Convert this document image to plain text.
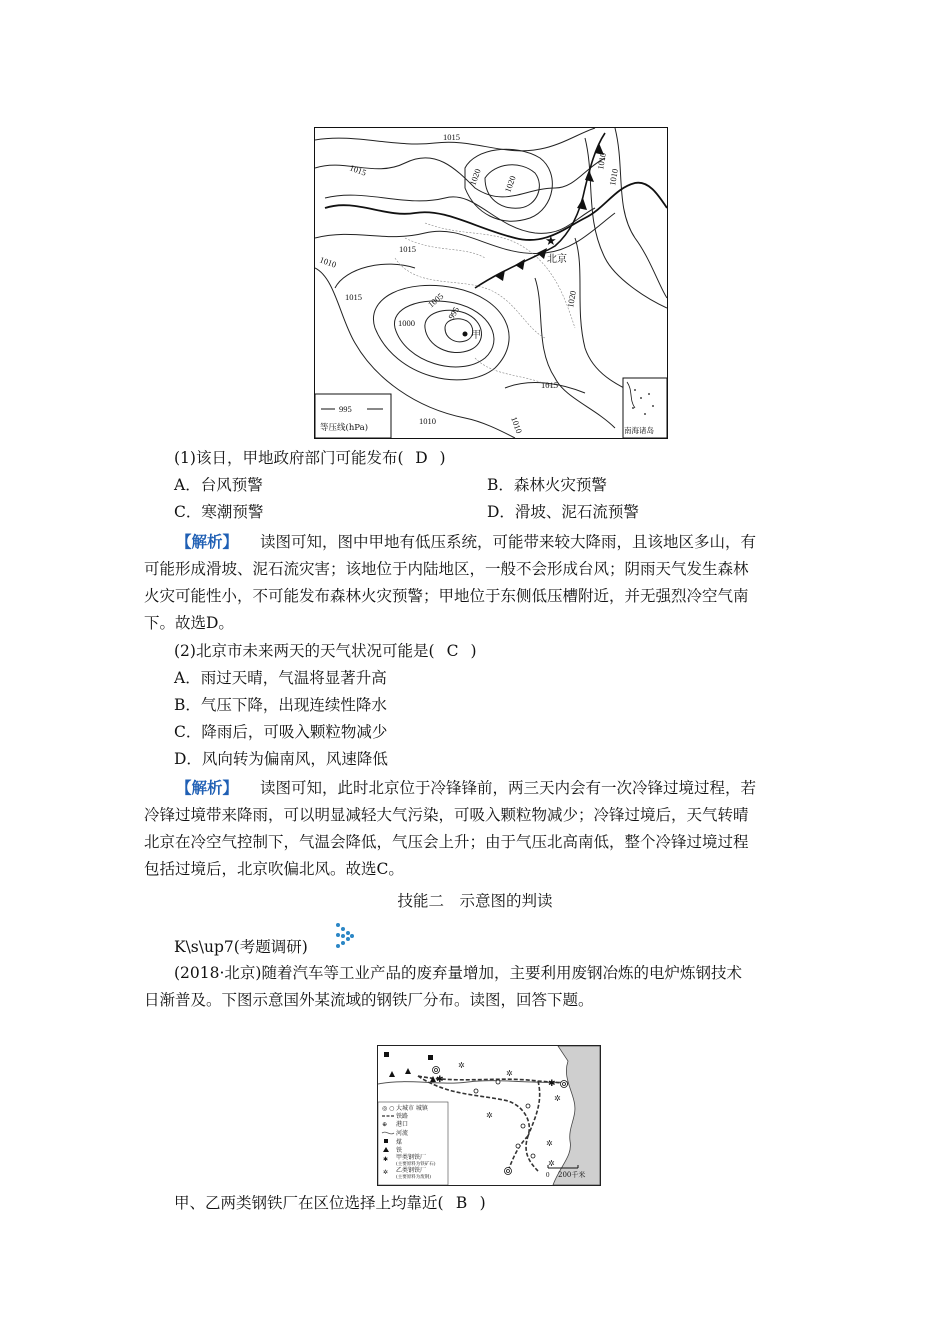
1015
1015	1020 1020
1010
1010
1015
1010
1015
1000
1005
995
1010
1015
1020
1010
★
北京
甲
995
等压线(hPa)	南海诸岛
(1)该日，甲地政府部门可能发布( D )
A．台风预警	B．森林火灾预警
C．寒潮预警	D．滑坡、泥石流预警
【解析】 读图可知，图中甲地有低压系统，可能带来较大降雨，且该地区多山，有
可能形成滑坡、泥石流灾害；该地位于内陆地区，一般不会形成台风；阴雨天气发生森林
火灾可能性小，不可能发布森林火灾预警；甲地位于东侧低压槽附近，并无强烈冷空气南
下。故选D。
(2)北京市未来两天的天气状况可能是( C )
A．雨过天晴，气温将显著升高
B．气压下降，出现连续性降水
C．降雨后，可吸入颗粒物减少
D．风向转为偏南风，风速降低
【解析】 读图可知，此时北京位于冷锋锋前，两三天内会有一次冷锋过境过程，若
冷锋过境带来降雨，可以明显减轻大气污染，可吸入颗粒物减少；冷锋过境后，天气转晴
北京在冷空气控制下，气温会降低，气压会上升；由于气压北高南低，整个冷锋过境过程
包括过境后，北京吹偏北风。故选C。
技能二　示意图的判读
K\s\up7(考题调研)
(2018·北京)随着汽车等工业产品的废弃量增加，主要利用废钢冶炼的电炉炼钢技术
日渐普及。下图示意国外某流域的钢铁厂分布。读图，回答下题。
◎ ○ 大城市 城镇
铁路
⊕ 港口
河流
煤
铁
✱ 甲类钢铁厂
(主要原料为铁矿石)
✲ 乙类钢铁厂
(主要原料为废钢)
✲
✲
✲
✲
✲
✲
✱
✱
0 200千米
甲、乙两类钢铁厂在区位选择上均靠近( B )
